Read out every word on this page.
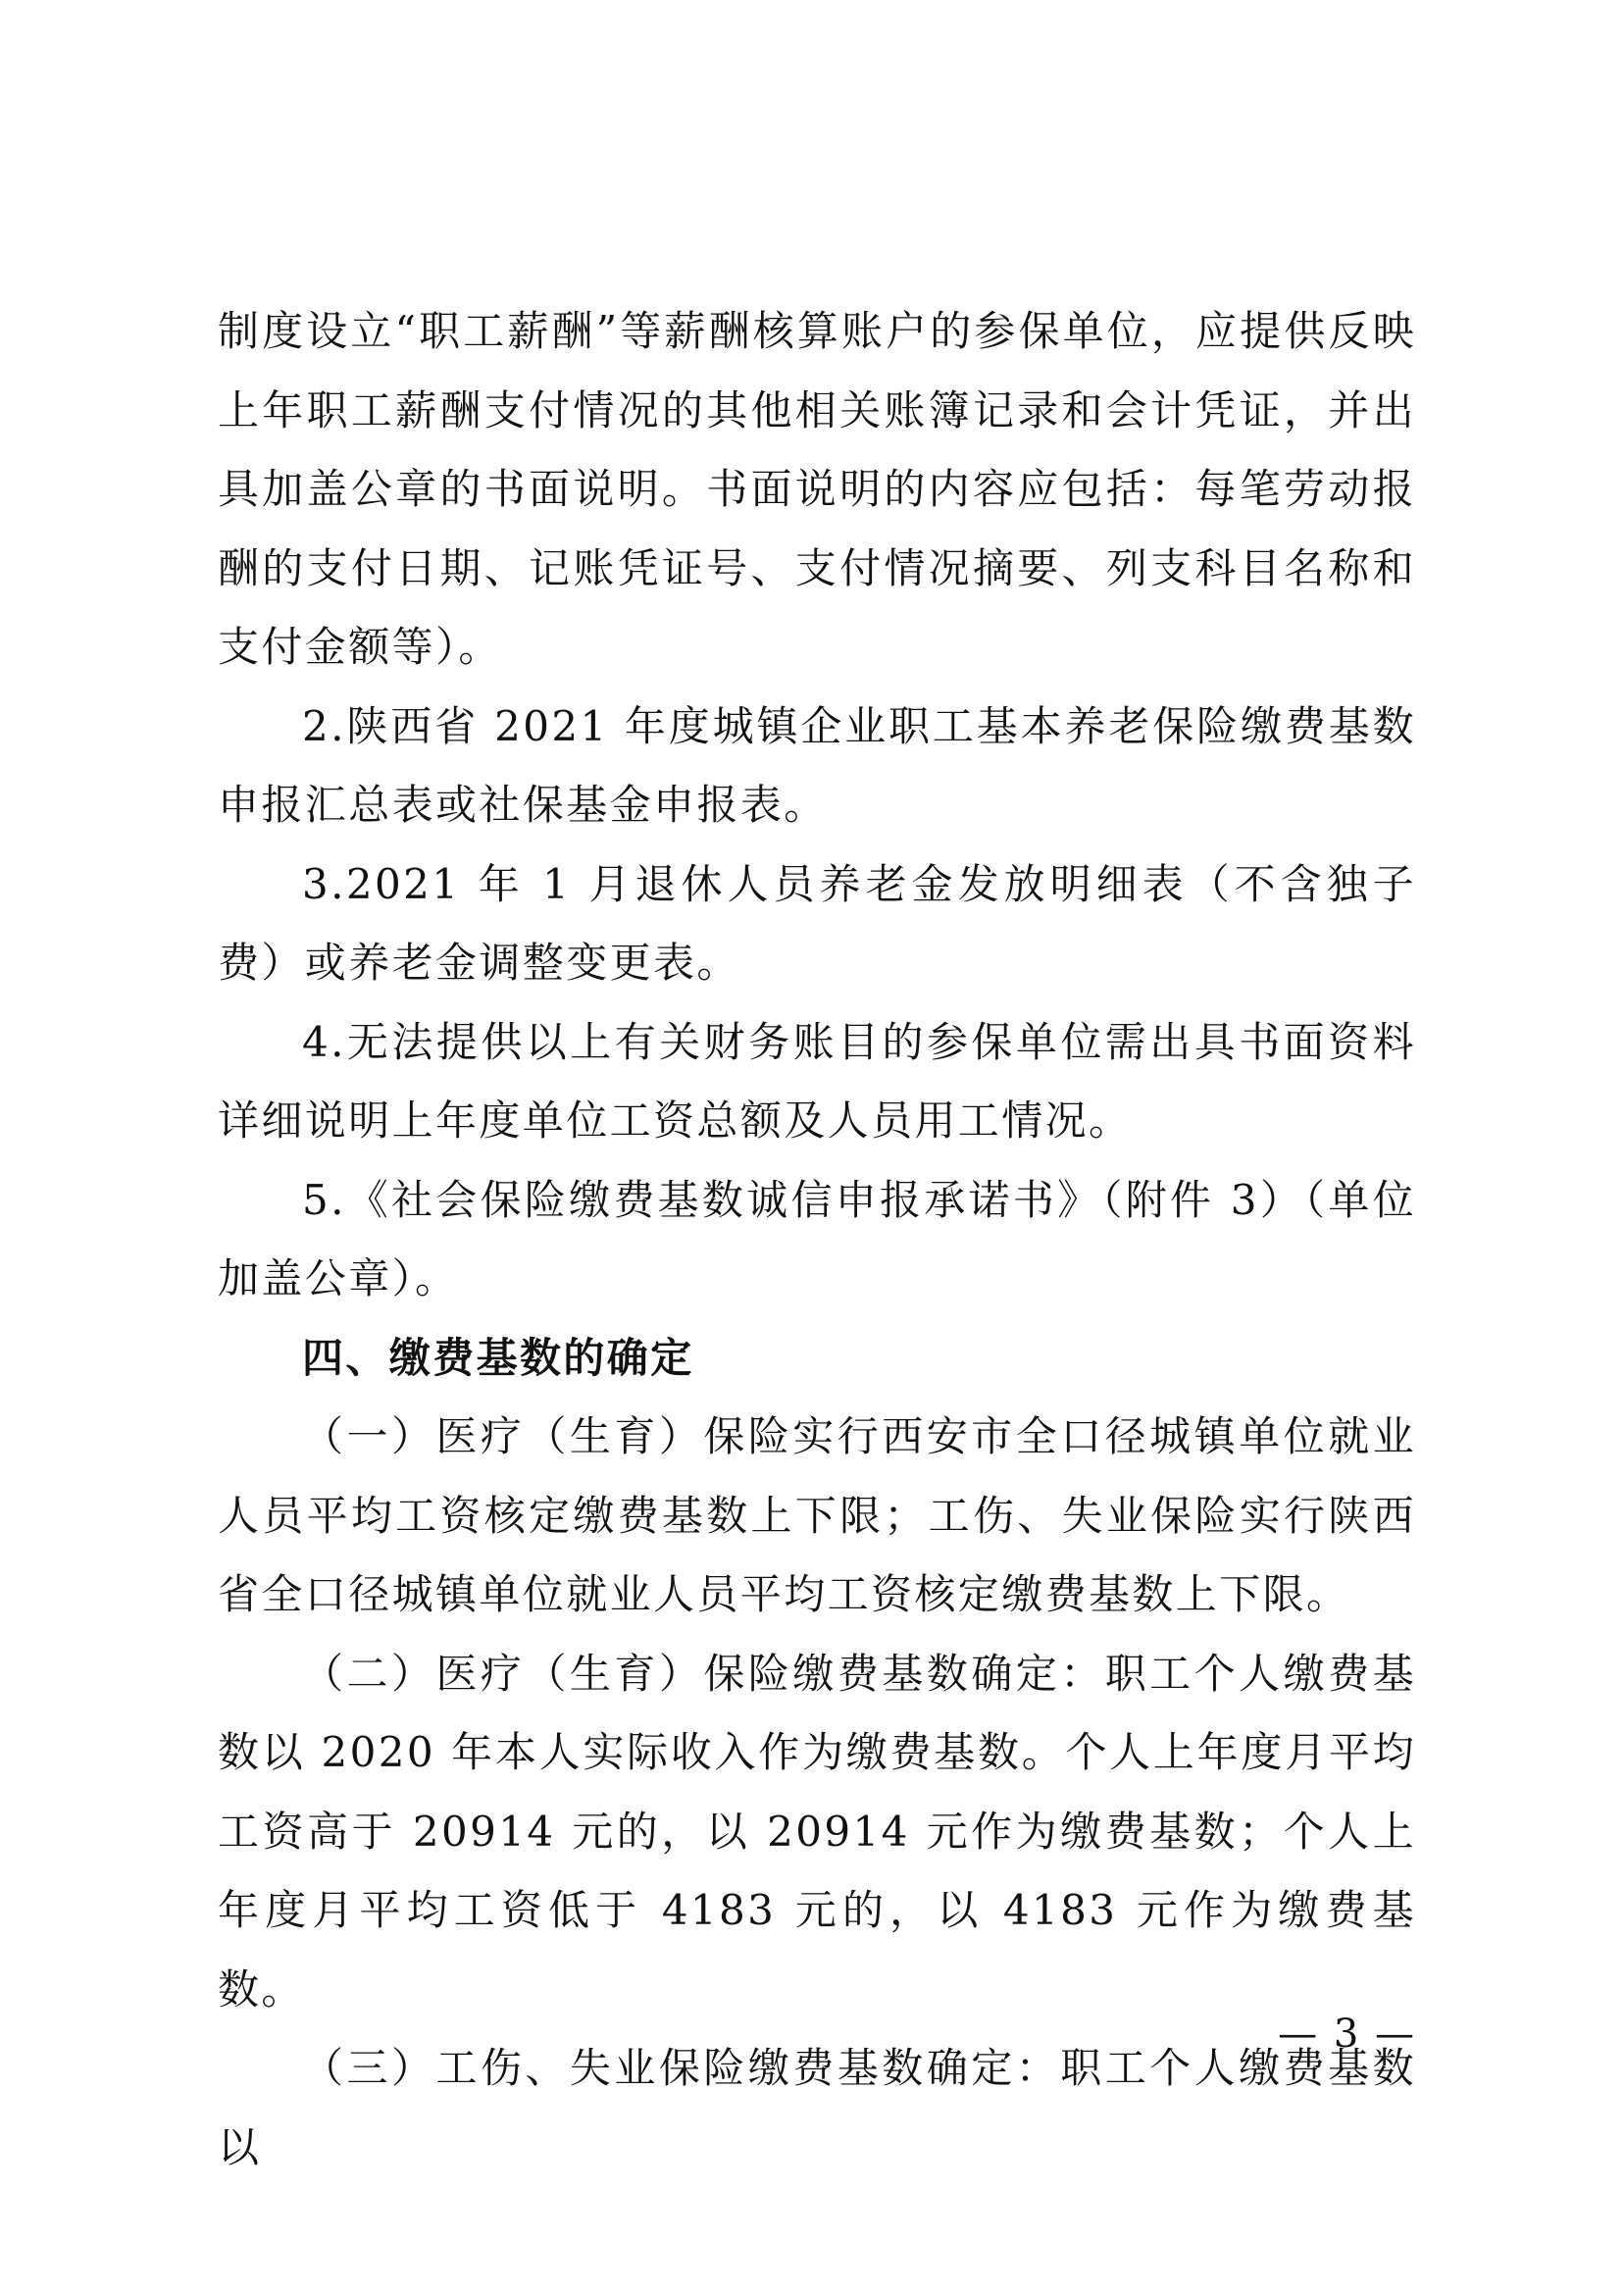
制度设立“职工薪酬”等薪酬核算账户的参保单位，应提供反映上年职工薪酬支付情况的其他相关账簿记录和会计凭证，并出具加盖公章的书面说明。书面说明的内容应包括：每笔劳动报酬的支付日期、记账凭证号、支付情况摘要、列支科目名称和支付金额等）。

2.陕西省 2021 年度城镇企业职工基本养老保险缴费基数申报汇总表或社保基金申报表。

3.2021 年 1 月退休人员养老金发放明细表（不含独子费）或养老金调整变更表。

4.无法提供以上有关财务账目的参保单位需出具书面资料详细说明上年度单位工资总额及人员用工情况。

5.《社会保险缴费基数诚信申报承诺书》（附件 3）（单位加盖公章）。

四、缴费基数的确定

（一）医疗（生育）保险实行西安市全口径城镇单位就业人员平均工资核定缴费基数上下限；工伤、失业保险实行陕西省全口径城镇单位就业人员平均工资核定缴费基数上下限。

（二）医疗（生育）保险缴费基数确定：职工个人缴费基数以 2020 年本人实际收入作为缴费基数。个人上年度月平均工资高于 20914 元的，以 20914 元作为缴费基数；个人上年度月平均工资低于 4183 元的，以 4183 元作为缴费基数。

（三）工伤、失业保险缴费基数确定：职工个人缴费基数以

— 3 —
